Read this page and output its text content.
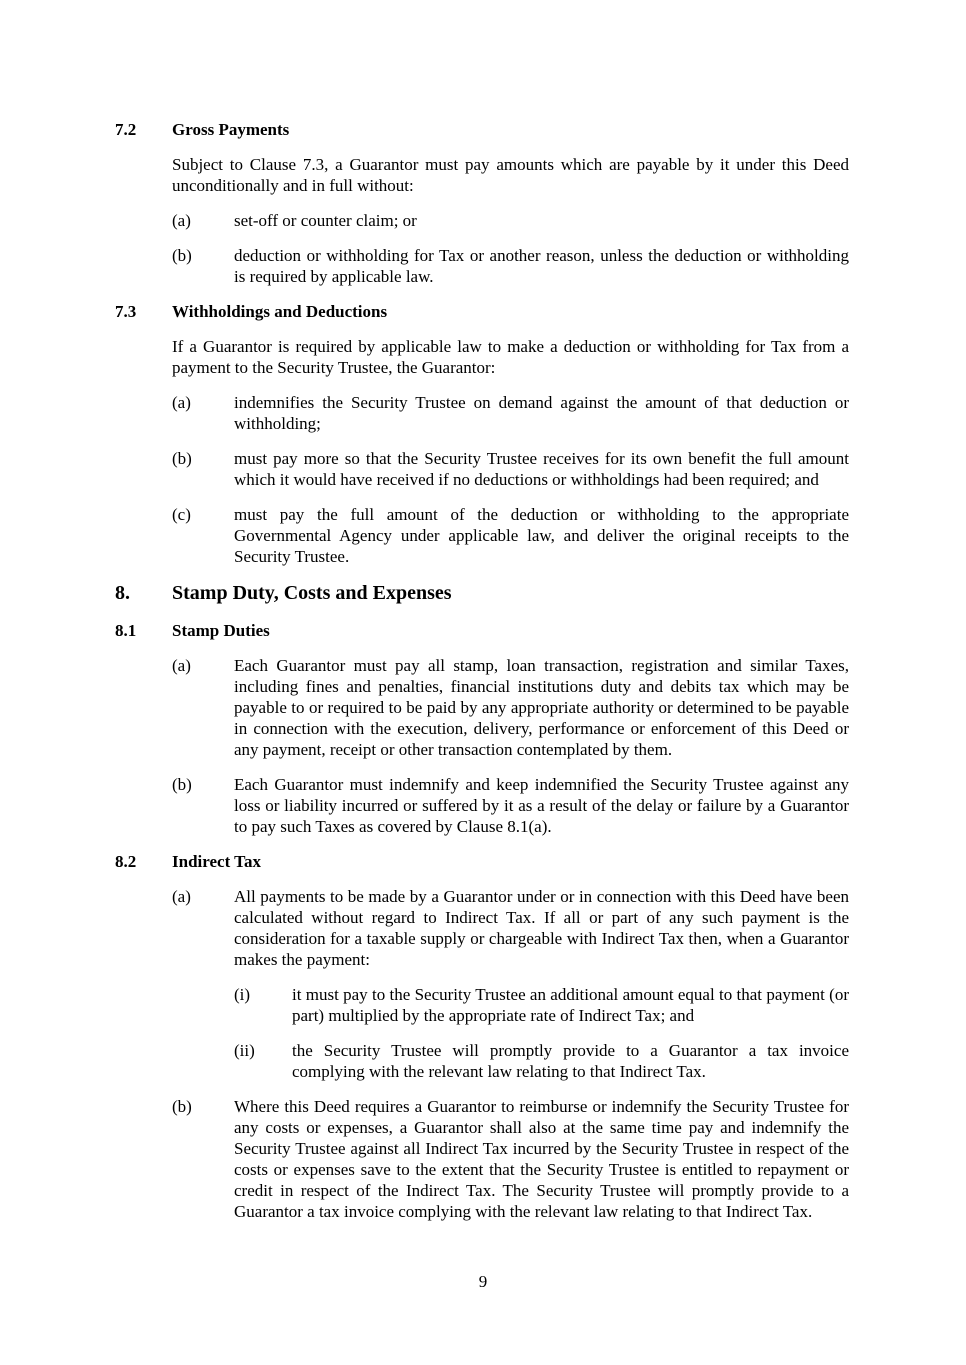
7.2	Gross Payments

Subject to Clause 7.3, a Guarantor must pay amounts which are payable by it under this Deed unconditionally and in full without:

(a)	set-off or counter claim; or
(b)	deduction or withholding for Tax or another reason, unless the deduction or withholding is required by applicable law.
7.3	Withholdings and Deductions

If a Guarantor is required by applicable law to make a deduction or withholding for Tax from a payment to the Security Trustee, the Guarantor:

(a)	indemnifies the Security Trustee on demand against the amount of that deduction or withholding;
(b)	must pay more so that the Security Trustee receives for its own benefit the full amount which it would have received if no deductions or withholdings had been required; and
(c)	must pay the full amount of the deduction or withholding to the appropriate Governmental Agency under applicable law, and deliver the original receipts to the Security Trustee.
8.	Stamp Duty, Costs and Expenses
8.1	Stamp Duties
(a)	Each Guarantor must pay all stamp, loan transaction, registration and similar Taxes, including fines and penalties, financial institutions duty and debits tax which may be payable to or required to be paid by any appropriate authority or determined to be payable in connection with the execution, delivery, performance or enforcement of this Deed or any payment, receipt or other transaction contemplated by them.
(b)	Each Guarantor must indemnify and keep indemnified the Security Trustee against any loss or liability incurred or suffered by it as a result of the delay or failure by a Guarantor to pay such Taxes as covered by Clause 8.1(a).
8.2	Indirect Tax
(a)	All payments to be made by a Guarantor under or in connection with this Deed have been calculated without regard to Indirect Tax. If all or part of any such payment is the consideration for a taxable supply or chargeable with Indirect Tax then, when a Guarantor makes the payment:
(i)	it must pay to the Security Trustee an additional amount equal to that payment (or part) multiplied by the appropriate rate of Indirect Tax; and
(ii)	the Security Trustee will promptly provide to a Guarantor a tax invoice complying with the relevant law relating to that Indirect Tax.
(b)	Where this Deed requires a Guarantor to reimburse or indemnify the Security Trustee for any costs or expenses, a Guarantor shall also at the same time pay and indemnify the Security Trustee against all Indirect Tax incurred by the Security Trustee in respect of the costs or expenses save to the extent that the Security Trustee is entitled to repayment or credit in respect of the Indirect Tax. The Security Trustee will promptly provide to a Guarantor a tax invoice complying with the relevant law relating to that Indirect Tax.
9
